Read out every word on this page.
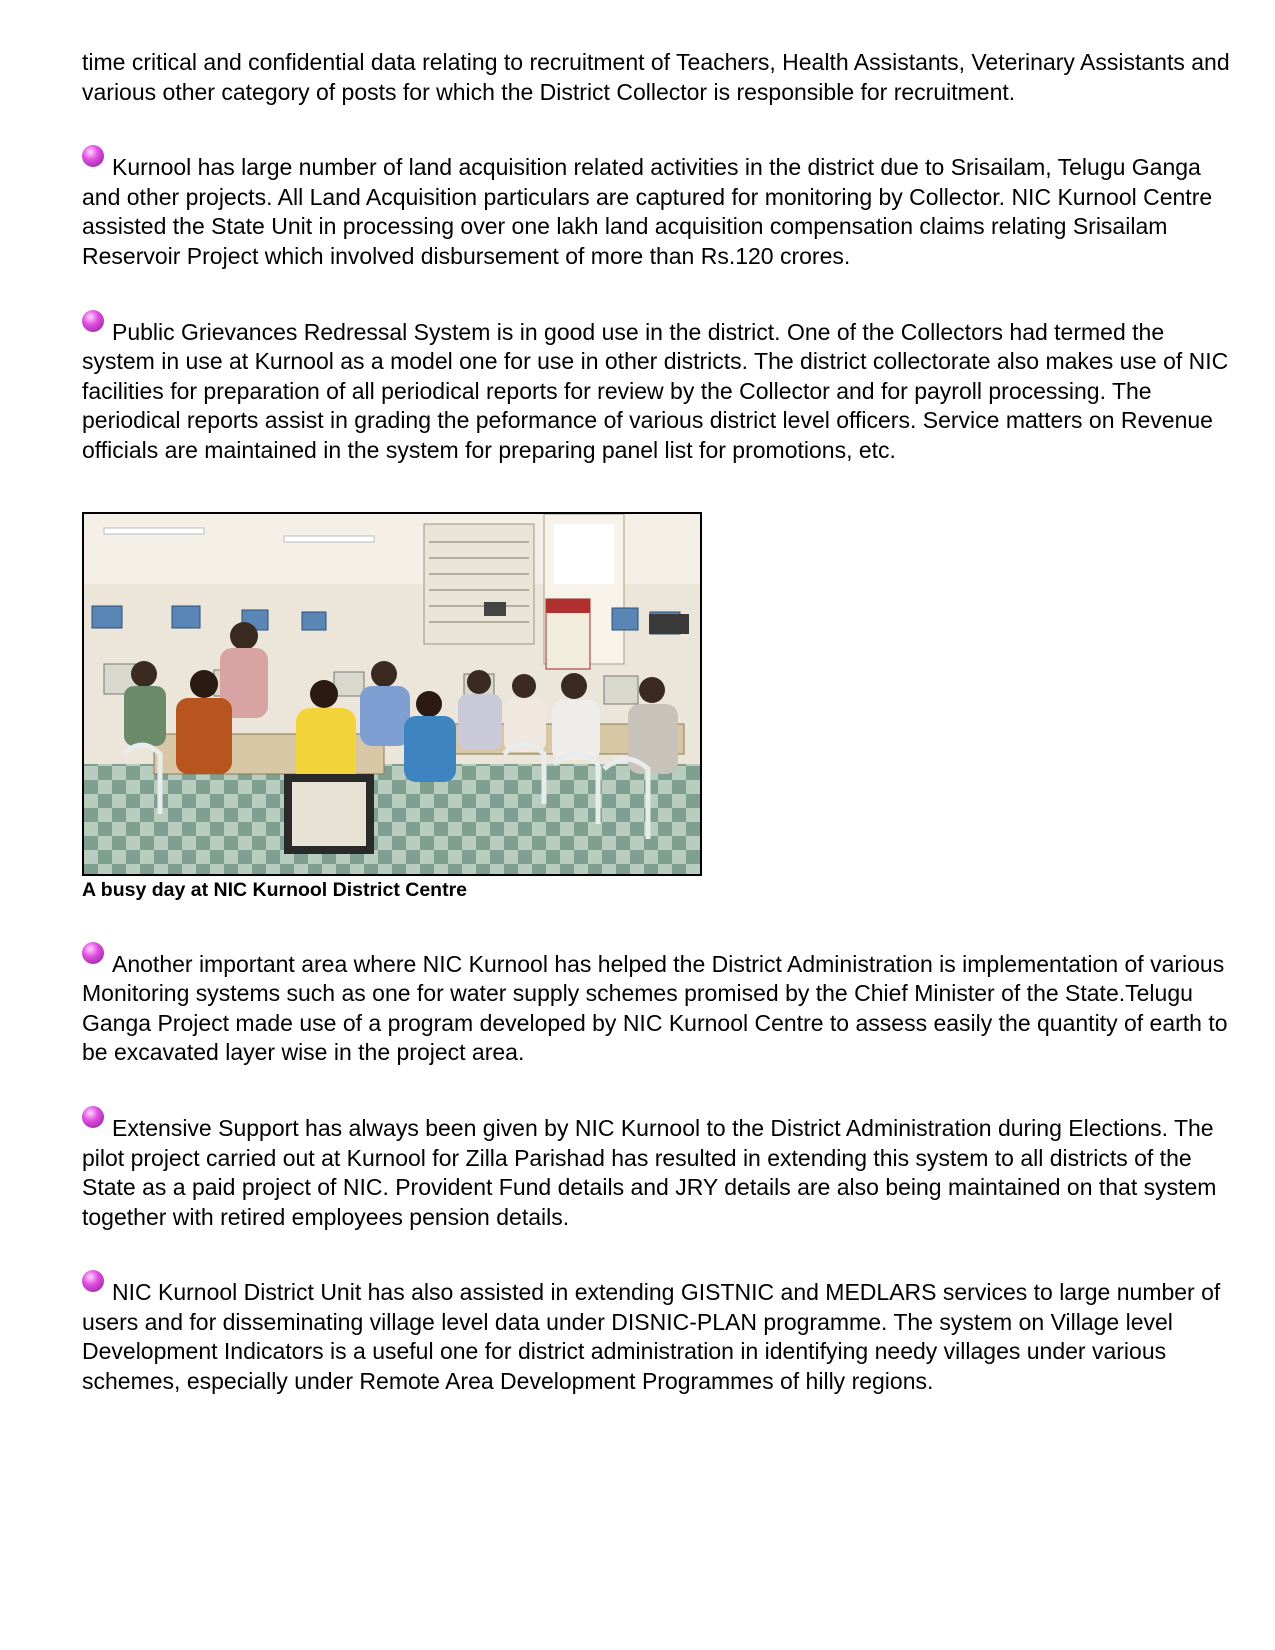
time critical and confidential data relating to recruitment of Teachers, Health Assistants, Veterinary Assistants and various other category of posts for which the District Collector is responsible for recruitment.

Kurnool has large number of land acquisition related activities in the district due to Srisailam, Telugu Ganga and other projects. All Land Acquisition particulars are captured for monitoring by Collector. NIC Kurnool Centre assisted the State Unit in processing over one lakh land acquisition compensation claims relating Srisailam Reservoir Project which involved disbursement of more than Rs.120 crores.

Public Grievances Redressal System is in good use in the district. One of the Collectors had termed the system in use at Kurnool as a model one for use in other districts. The district collectorate also makes use of NIC facilities for preparation of all periodical reports for review by the Collector and for payroll processing. The periodical reports assist in grading the peformance of various district level officers. Service matters on Revenue officials are maintained in the system for preparing panel list for promotions, etc.

A busy day at NIC Kurnool District Centre

Another important area where NIC Kurnool has helped the District Administration is implementation of various Monitoring systems such as one for water supply schemes promised by the Chief Minister of the State.Telugu Ganga Project made use of a program developed by NIC Kurnool Centre to assess easily the quantity of earth to be excavated layer wise in the project area.

Extensive Support has always been given by NIC Kurnool to the District Administration during Elections. The pilot project carried out at Kurnool for Zilla Parishad has resulted in extending this system to all districts of the State as a paid project of NIC. Provident Fund details and JRY details are also being maintained on that system together with retired employees pension details.

NIC Kurnool District Unit has also assisted in extending GISTNIC and MEDLARS services to large number of users and for disseminating village level data under DISNIC-PLAN programme. The system on Village level Development Indicators is a useful one for district administration in identifying needy villages under various schemes, especially under Remote Area Development Programmes of hilly regions.
